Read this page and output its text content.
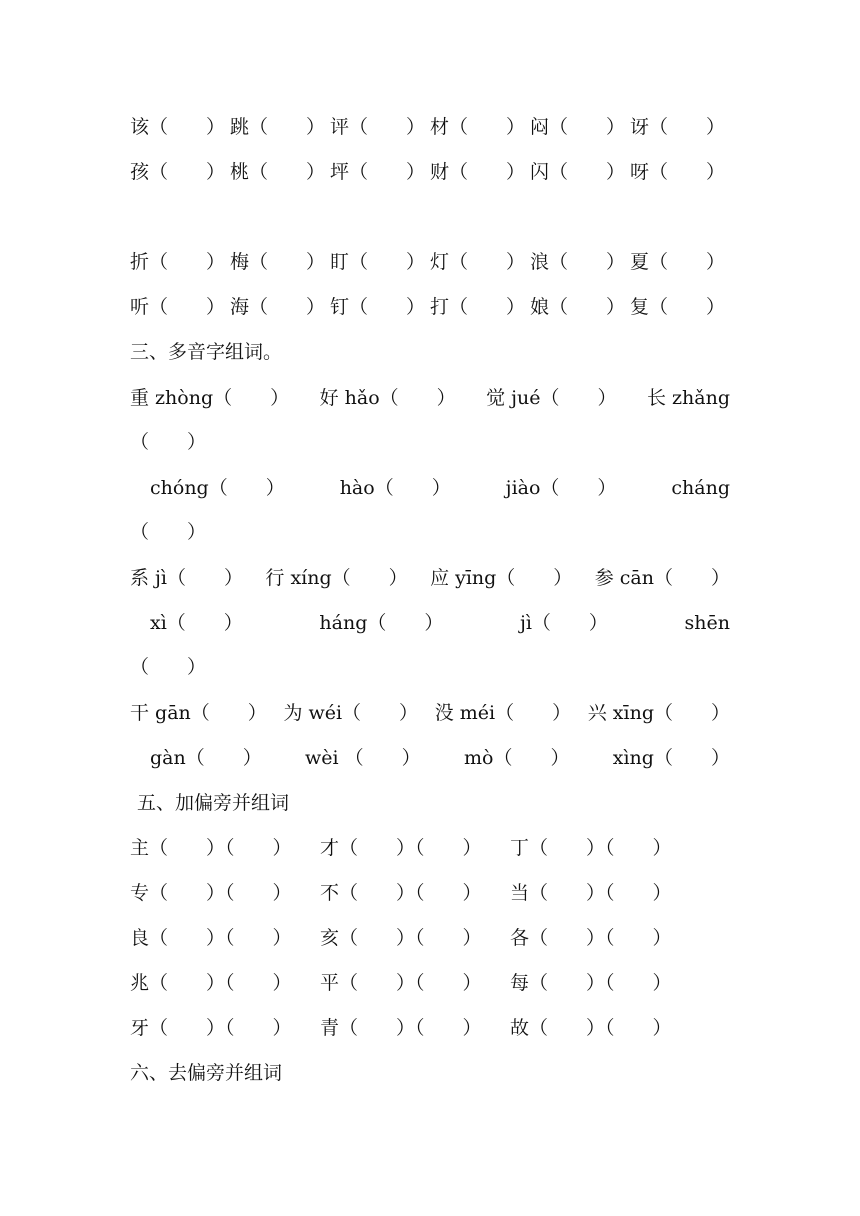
该（　　） 跳（　　） 评（　　） 材（　　） 闷（　　） 讶（　　）
孩（　　） 桃（　　） 坪（　　） 财（　　） 闪（　　） 呀（　　）
折（　　） 梅（　　） 盯（　　） 灯（　　） 浪（　　） 夏（　　）
听（　　） 海（　　） 钉（　　） 打（　　） 娘（　　） 复（　　）
三、多音字组词。
重 zhòng（　　） 好 hǎo（　　） 觉 jué（　　） 长 zhǎng
（　　）
chóng（　　）	hào（　　）	jiào（　　）	cháng
（　　）
系 jì（　　） 行 xíng（　　） 应 yīng（　　） 参 cān（　　）
xì（　　）	háng（　　）	jì（　　）	shēn
（　　）
干 gān（　　） 为 wéi（　　） 没 méi（　　） 兴 xīng（　　）
gàn（　　） wèi （　　） mò（　　） xìng（　　）
五、加偏旁并组词
主（　　）（　　）	才（　　）（　　）	丁（　　）（　　）
专（　　）（　　）	不（　　）（　　）	当（　　）（　　）
良（　　）（　　）	亥（　　）（　　）	各（　　）（　　）
兆（　　）（　　）	平（　　）（　　）	每（　　）（　　）
牙（　　）（　　）	青（　　）（　　）	故（　　）（　　）
六、去偏旁并组词
